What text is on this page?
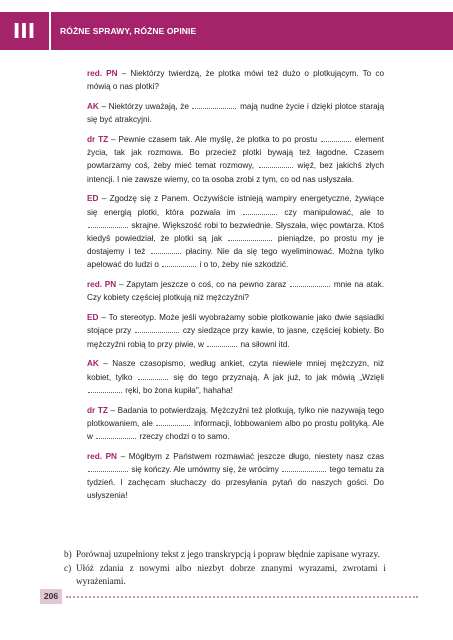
III	RÓŻNE SPRAWY, RÓŻNE OPINIE

red. PN – Niektórzy twierdzą, że plotka mówi też dużo o plotkującym. To co mówią o nas plotki?

AK – Niektórzy uważają, że	mają nudne życie i dzięki plotce starają się być atrakcyjni.

dr TZ – Pewnie czasem tak. Ale myślę, że plotka to po prostu	element życia, tak jak rozmowa. Bo przecież plotki bywają też łagodne. Czasem powtarzamy coś, żeby mieć temat rozmowy,	więź, bez jakichś złych intencji. I nie zawsze wiemy, co ta osoba zrobi z tym, co od nas usłyszała.

ED – Zgodzę się z Panem. Oczywiście istnieją wampiry energetyczne, żywiące się energią plotki, która pozwala im	czy manipulować, ale to  skrajne. Większość robi to bezwiednie. Słyszała, więc powtarza. Ktoś kiedyś powiedział, że plotki są jak	pieniądze, po prostu my je dostajemy i też	płaciny. Nie da się tego wyeliminować. Można tylko apelować do ludzi o	i o to, żeby nie szkodzić.

red. PN – Zapytam jeszcze o coś, co na pewno zaraz	mnie na atak. Czy kobiety częściej plotkują niż mężczyźni?

ED – To stereotyp. Może jeśli wyobrażamy sobie plotkowanie jako dwie sąsiadki stojące przy	czy siedzące przy kawie, to jasne, częściej kobiety. Bo mężczyźni robią to przy piwie, w	na siłowni itd.

AK – Nasze czasopismo, według ankiet, czyta niewiele mniej mężczyzn, niż kobiet, tylko	się do tego przyznają. A jak już, to jak mówią „Wzięli  ręki, bo żona kupiła", hahaha!

dr TZ – Badania to potwierdzają. Mężczyźni też plotkują, tylko nie nazywają tego plotkowaniem, ale	informacji, lobbowaniem albo po prostu polityką. Ale w	rzeczy chodzi o to samo.

red. PN – Mógłbym z Państwem rozmawiać jeszcze długo, niestety nasz czas  się kończy. Ale umówmy się, że wrócimy	tego tematu za tydzień. I zachęcam słuchaczy do przesyłania pytań do naszych gości. Do usłyszenia!

b) Porównaj uzupełniony tekst z jego transkrypcją i popraw błędnie zapisane wyrazy.
c) Ułóż zdania z nowymi albo niezbyt dobrze znanymi wyrazami, zwrotami i wyrażeniami.
206
